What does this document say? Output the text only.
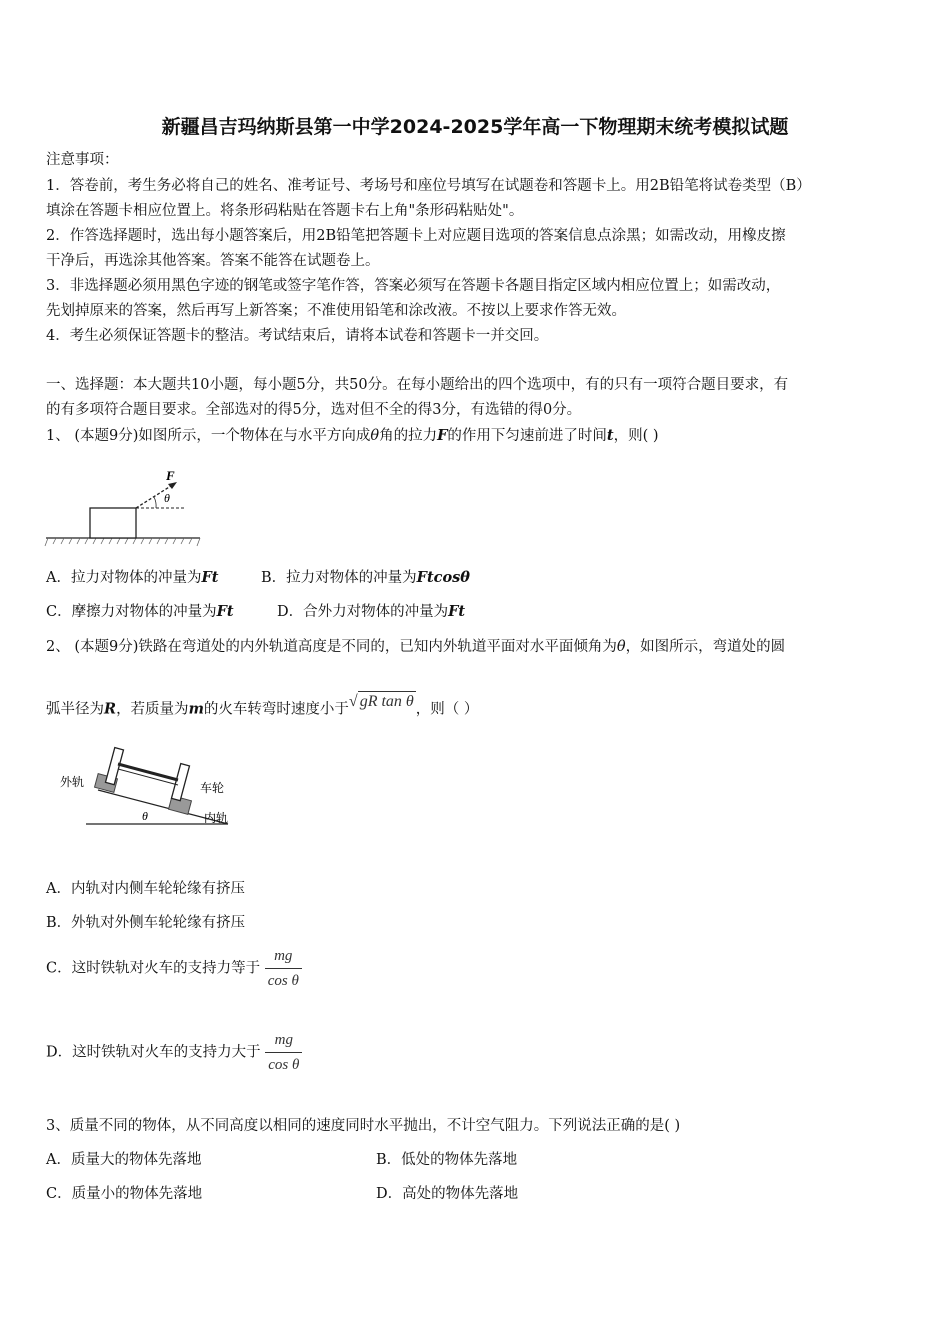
新疆昌吉玛纳斯县第一中学2024-2025学年高一下物理期末统考模拟试题
注意事项：
1．答卷前，考生务必将自己的姓名、准考证号、考场号和座位号填写在试题卷和答题卡上。用2B铅笔将试卷类型（B）
填涂在答题卡相应位置上。将条形码粘贴在答题卡右上角"条形码粘贴处"。
2．作答选择题时，选出每小题答案后，用2B铅笔把答题卡上对应题目选项的答案信息点涂黑；如需改动，用橡皮擦
干净后，再选涂其他答案。答案不能答在试题卷上。
3．非选择题必须用黑色字迹的钢笔或签字笔作答，答案必须写在答题卡各题目指定区域内相应位置上；如需改动，
先划掉原来的答案，然后再写上新答案；不准使用铅笔和涂改液。不按以上要求作答无效。
4．考生必须保证答题卡的整洁。考试结束后，请将本试卷和答题卡一并交回。
一、选择题：本大题共10小题，每小题5分，共50分。在每小题给出的四个选项中，有的只有一项符合题目要求，有
的有多项符合题目要求。全部选对的得5分，选对但不全的得3分，有选错的得0分。
1、 (本题9分)如图所示，一个物体在与水平方向成θ角的拉力F的作用下匀速前进了时间t，则( )
F
θ
A．拉力对物体的冲量为Ft	B．拉力对物体的冲量为Ftcosθ
C．摩擦力对物体的冲量为Ft	D．合外力对物体的冲量为Ft
2、 (本题9分)铁路在弯道处的内外轨道高度是不同的，已知内外轨道平面对水平面倾角为θ，如图所示，弯道处的圆
弧半径为R，若质量为m的火车转弯时速度小于√ gR tan θ ，则（ ）
外轨	车轮
内轨
θ
A．内轨对内侧车轮轮缘有挤压
B．外轨对外侧车轮轮缘有挤压
C．这时铁轨对火车的支持力等于 $\frac{mg}{\text{cos θ}}$
D．这时铁轨对火车的支持力大于 $\frac{mg}{\text{cos θ}}$
3、质量不同的物体，从不同高度以相同的速度同时水平抛出，不计空气阻力。下列说法正确的是( )
A．质量大的物体先落地	B．低处的物体先落地
C．质量小的物体先落地	D．高处的物体先落地
